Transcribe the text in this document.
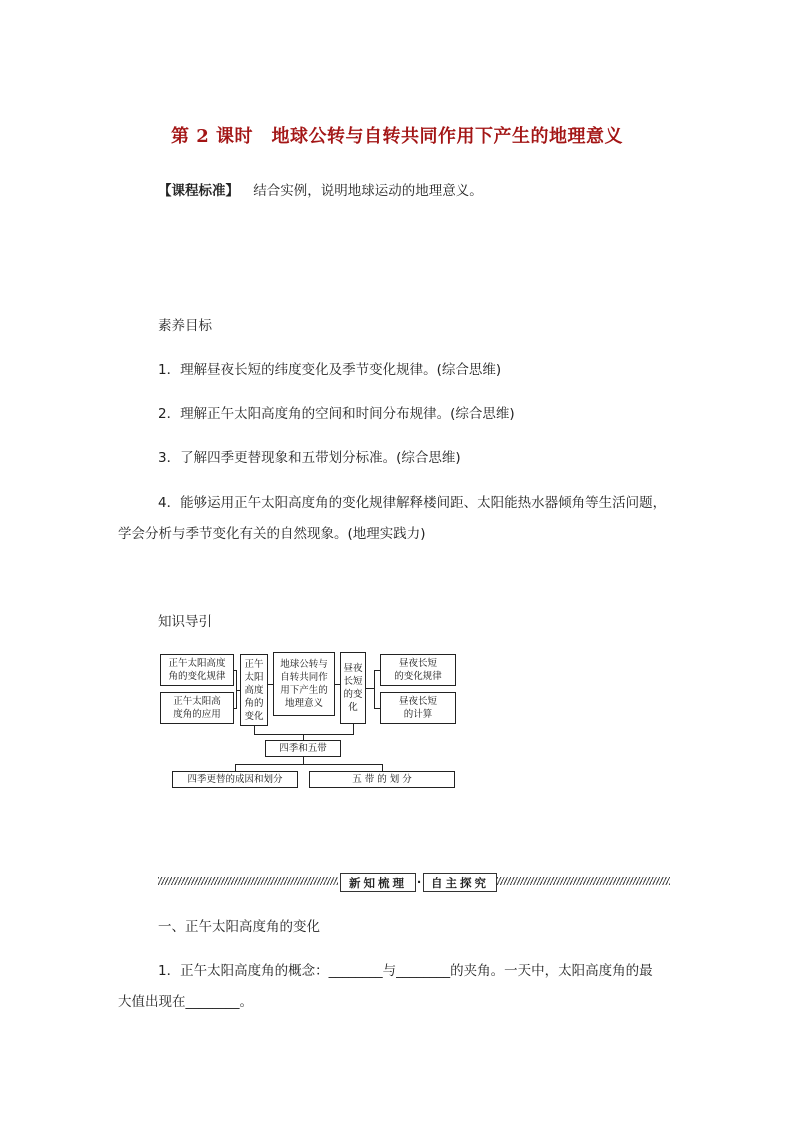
第 2 课时　地球公转与自转共同作用下产生的地理意义
【课程标准】 结合实例，说明地球运动的地理意义。
素养目标
1．理解昼夜长短的纬度变化及季节变化规律。(综合思维)
2．理解正午太阳高度角的空间和时间分布规律。(综合思维)
3．了解四季更替现象和五带划分标准。(综合思维)
4．能够运用正午太阳高度角的变化规律解释楼间距、太阳能热水器倾角等生活问题，
学会分析与季节变化有关的自然现象。(地理实践力)
知识导引
正午太阳高度
角的变化规律
正午太阳高
度角的应用
正午
太阳
高度
角的
变化
地球公转与
自转共同作
用下产生的
地理意义
昼夜
长短
的变
化
昼夜长短
的变化规律
昼夜长短
的计算
四季和五带
四季更替的成因和划分	五 带 的 划 分
新知梳理 · 自主探究
一、正午太阳高度角的变化
1．正午太阳高度角的概念：________与________的夹角。一天中，太阳高度角的最
大值出现在________。
